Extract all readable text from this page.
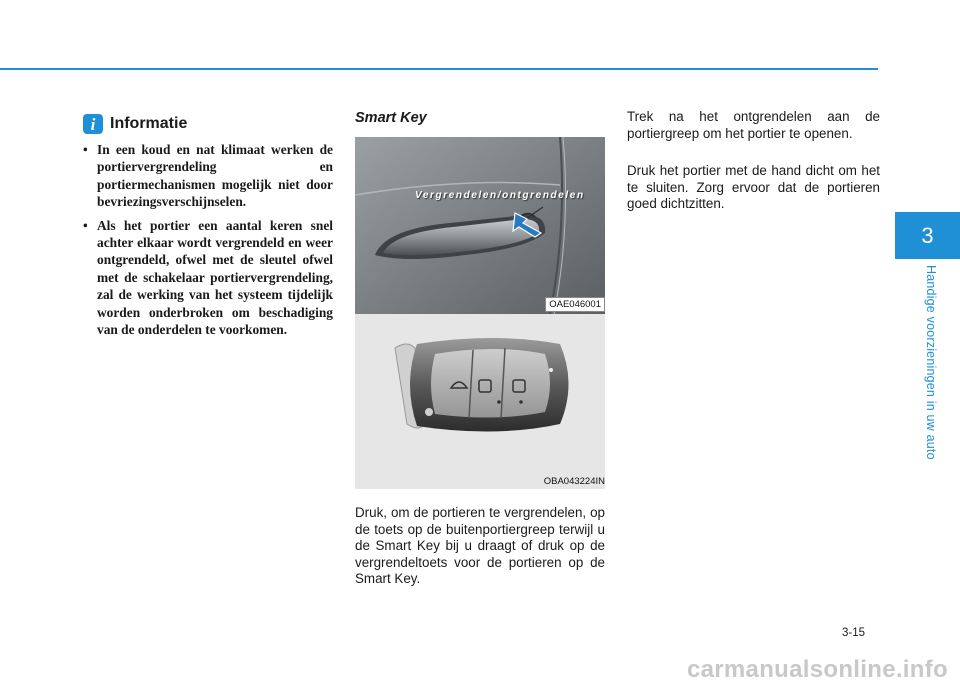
i Informatie
• In een koud en nat klimaat werken de portiervergrendeling en portiermechanismen mogelijk niet door bevriezingsverschijnselen.
• Als het portier een aantal keren snel achter elkaar wordt vergrendeld en weer ontgrendeld, ofwel met de sleutel ofwel met de schakelaar portiervergrendeling, zal de werking van het systeem tijdelijk worden onderbroken om beschadiging van de onderdelen te voorkomen.
Smart Key
Vergrendelen/ontgrendelen
OAE046001
OBA043224IN
Druk, om de portieren te vergrendelen, op de toets op de buitenportiergreep terwijl u de Smart Key bij u draagt of druk op de vergrendeltoets voor de portieren op de Smart Key.
Trek na het ontgrendelen aan de portiergreep om het portier te openen.
Druk het portier met de hand dicht om het te sluiten. Zorg ervoor dat de portieren goed dichtzitten.
3
Handige voorzieningen in uw auto
3-15
carmanualsonline.info
